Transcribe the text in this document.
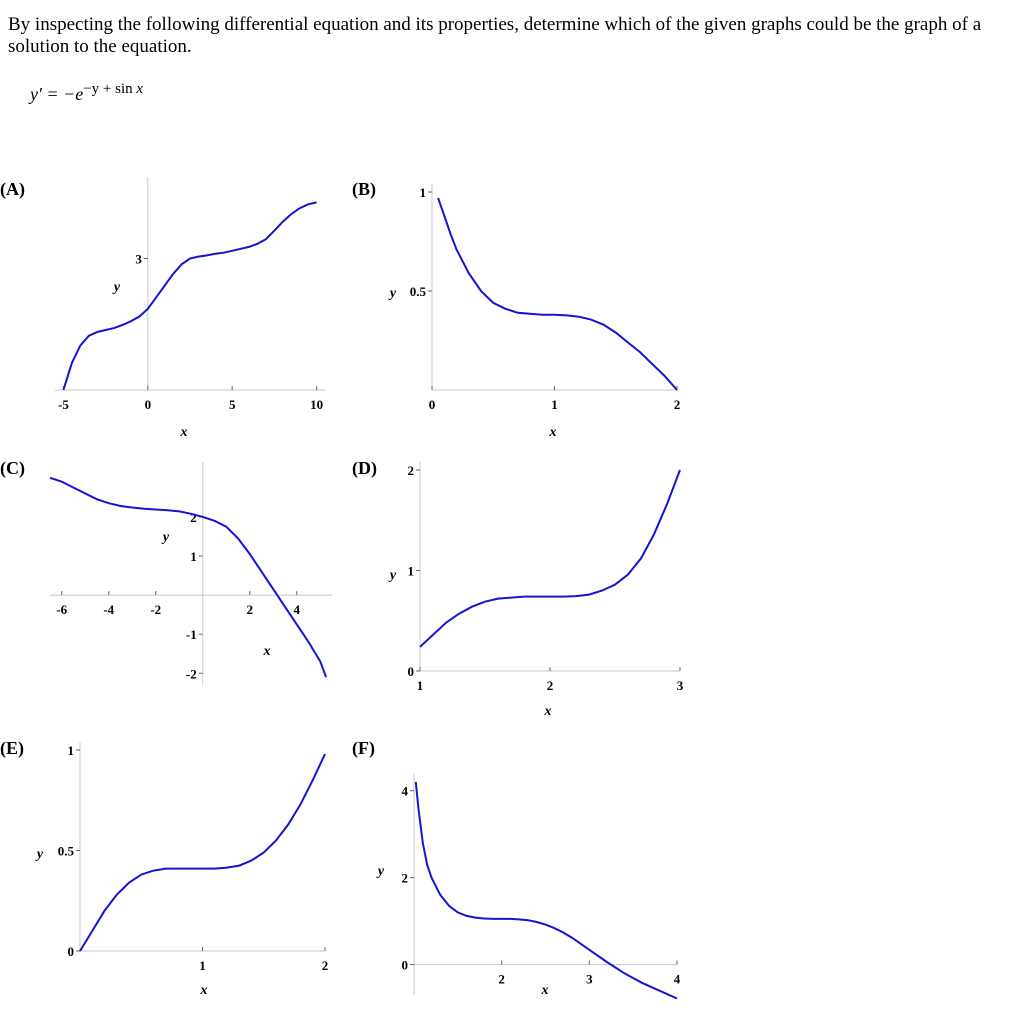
By inspecting the following differential equation and its properties, determine which of the given graphs could be the graph of a solution to the equation.

$y' = -e^{-y + sin x}$
(A)
-5	0	5	10
3
x
y
(B)
0	1	2
0.5
1
x
y
(C)
-6	-4	-2	2	4
2
1
-1
-2
x
y
(D)
1	2	3
0
1
2
x
y
(E)
1	2
0
0.5
1
x
y
(F)
2	3	4
0
2
4
x
y
